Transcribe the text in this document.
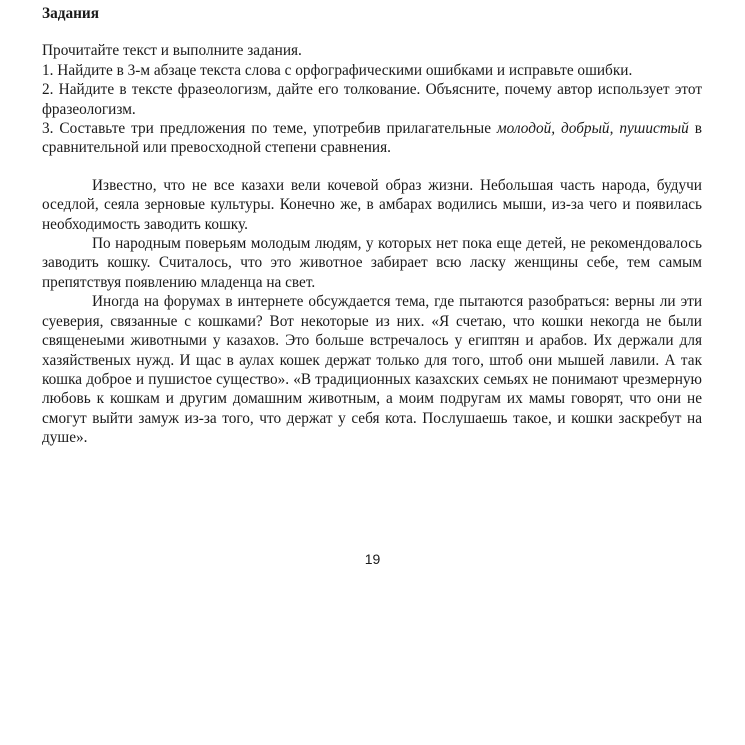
Задания

Прочитайте текст и выполните задания.

1. Найдите в 3-м абзаце текста слова с орфографическими ошибками и исправьте ошибки.

2. Найдите в тексте фразеологизм, дайте его толкование. Объясните, почему автор использует этот фразеологизм.

3. Составьте три предложения по теме, употребив прилагательные молодой, добрый, пушистый в сравнительной или превосходной степени сравнения.

Известно, что не все казахи вели кочевой образ жизни. Небольшая часть народа, будучи оседлой, сеяла зерновые культуры. Конечно же, в амбарах водились мыши, из-за чего и появилась необходимость заводить кошку.

По народным поверьям молодым людям, у которых нет пока еще детей, не рекомендовалось заводить кошку. Считалось, что это животное забирает всю ласку женщины себе, тем самым препятствуя появлению младенца на свет.

Иногда на форумах в интернете обсуждается тема, где пытаются разобраться: верны ли эти суеверия, связанные с кошками? Вот некоторые из них. «Я счетаю, что кошки некогда не были священеыми животными у казахов. Это больше встречалось у египтян и арабов. Их держали для хазяйственых нужд. И щас в аулах кошек держат только для того, штоб они мышей лавили. А так кошка доброе и пушистое существо». «В традиционных казахских семьях не понимают чрезмерную любовь к кошкам и другим домашним животным, а моим подругам их мамы говорят, что они не смогут выйти замуж из-за того, что держат у себя кота. Послушаешь такое, и кошки заскребут на душе».

19
